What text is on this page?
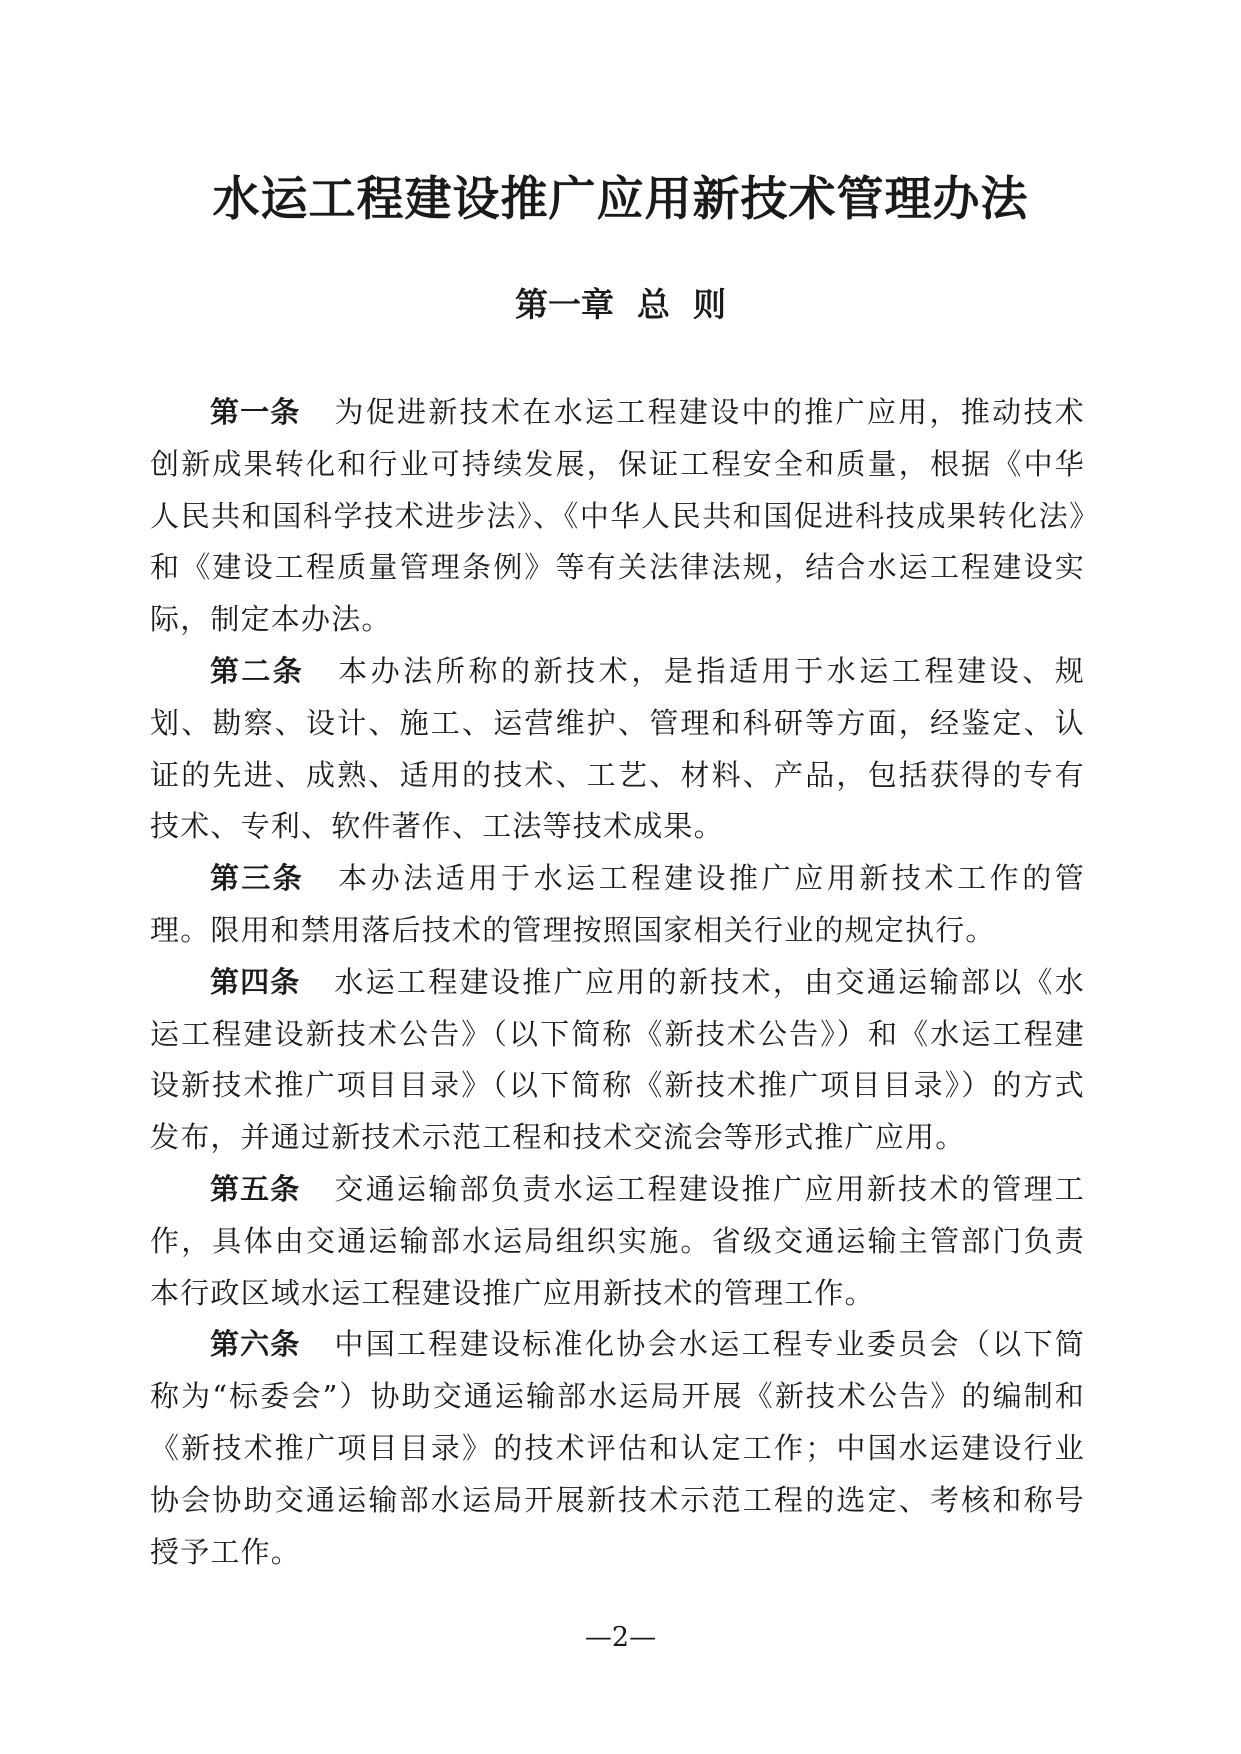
水运工程建设推广应用新技术管理办法
第一章  总  则

第一条 为促进新技术在水运工程建设中的推广应用，推动技术创新成果转化和行业可持续发展，保证工程安全和质量，根据《中华人民共和国科学技术进步法》、《中华人民共和国促进科技成果转化法》和《建设工程质量管理条例》等有关法律法规，结合水运工程建设实际，制定本办法。

第二条 本办法所称的新技术，是指适用于水运工程建设、规划、勘察、设计、施工、运营维护、管理和科研等方面，经鉴定、认证的先进、成熟、适用的技术、工艺、材料、产品，包括获得的专有技术、专利、软件著作、工法等技术成果。

第三条 本办法适用于水运工程建设推广应用新技术工作的管理。限用和禁用落后技术的管理按照国家相关行业的规定执行。

第四条 水运工程建设推广应用的新技术，由交通运输部以《水运工程建设新技术公告》（以下简称《新技术公告》）和《水运工程建设新技术推广项目目录》（以下简称《新技术推广项目目录》）的方式发布，并通过新技术示范工程和技术交流会等形式推广应用。

第五条 交通运输部负责水运工程建设推广应用新技术的管理工作，具体由交通运输部水运局组织实施。省级交通运输主管部门负责本行政区域水运工程建设推广应用新技术的管理工作。

第六条 中国工程建设标准化协会水运工程专业委员会（以下简称为“标委会”）协助交通运输部水运局开展《新技术公告》的编制和《新技术推广项目目录》的技术评估和认定工作；中国水运建设行业协会协助交通运输部水运局开展新技术示范工程的选定、考核和称号授予工作。

—2—
